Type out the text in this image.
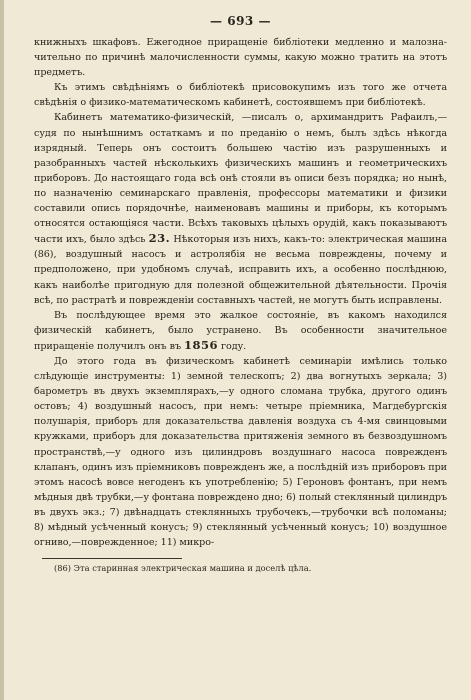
— 693 —

книжныхъ шкафовъ. Ежегодное приращеніе библіотеки медленно и малозна-чительно по причинѣ малочисленности суммы, какую можно тратить на этотъ предметъ.

Къ этимъ свѣдѣніямъ о библіотекѣ присовокупимъ изъ того же отчета свѣдѣнія о физико-математическомъ кабинетѣ, состоявшемъ при библіотекѣ.

Кабинетъ математико-физическій, —писалъ о, архимандритъ Рафаилъ,— судя по нынѣшнимъ остаткамъ и по преданію о немъ, былъ здѣсь нѣкогда изрядный. Теперь онъ состоитъ большею частію изъ разрушенныхъ и разобранныхъ частей нѣсколькихъ физическихъ машинъ и геометрическихъ приборовъ. До настоящаго года всѣ онѣ стояли въ описи безъ порядка; но нынѣ, по назначенію семинарскаго правленія, профессоры математики и физики составили опись порядочнѣе, наименовавъ машины и приборы, къ которымъ относятся остающіяся части. Всѣхъ таковыхъ цѣлыхъ орудій, какъ показываютъ части ихъ, было здѣсь 23. Нѣкоторыя изъ нихъ, какъ-то: электрическая машина (86), воздушный насосъ и астролябія не весьма повреждены, почему и предположено, при удобномъ случаѣ, исправить ихъ, а особенно послѣднюю, какъ наиболѣе пригодную для полезной общежительной дѣятельности. Прочія всѣ, по растратѣ и поврежденіи составныхъ частей, не могутъ быть исправлены.

Въ послѣдующее время это жалкое состояніе, въ какомъ находился физическій кабинетъ, было устранено. Въ особенности значительное приращеніе получилъ онъ въ 1856 году.

До этого года въ физическомъ кабинетѣ семинаріи имѣлись только слѣдующіе инструменты: 1) земной телескопъ; 2) два вогнутыхъ зеркала; 3) барометръ въ двухъ экземплярахъ,—у одного сломана трубка, другого одинъ остовъ; 4) воздушный насосъ, при немъ: четыре пріемника, Магдебургскія полушарія, приборъ для доказательства давленія воздуха съ 4-мя свинцовыми кружками, приборъ для доказательства притяженія земного въ безвоздушномъ пространствѣ,—у одного изъ цилиндровъ воздушнаго насоса поврежденъ клапанъ, одинъ изъ пріемниковъ поврежденъ же, а послѣдній изъ приборовъ при этомъ насосѣ вовсе негоденъ къ употребленію; 5) Героновъ фонтанъ, при немъ мѣдныя двѣ трубки,—у фонтана повреждено дно; 6) полый стеклянный цилиндръ въ двухъ экз.; 7) двѣнадцать стеклянныхъ трубочекъ,—трубочки всѣ поломаны; 8) мѣдный усѣченный конусъ; 9) стеклянный усѣченный конусъ; 10) воздушное огниво,—поврежденное; 11) микро-

(86) Эта старинная электрическая машина и доселѣ цѣла.
